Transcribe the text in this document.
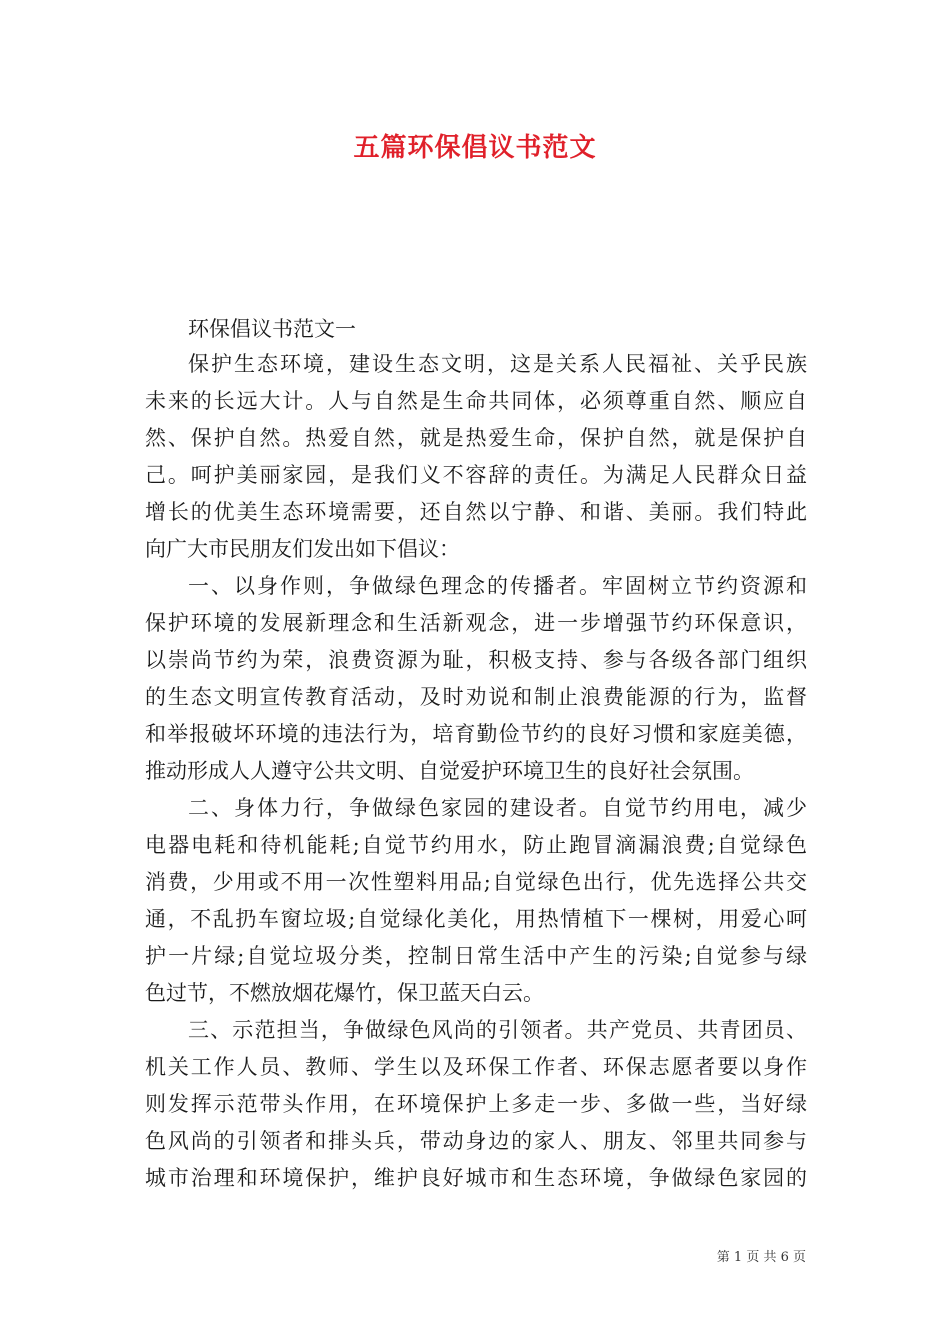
五篇环保倡议书范文
环保倡议书范文一
保护生态环境，建设生态文明，这是关系人民福祉、关乎民族
未来的长远大计。人与自然是生命共同体，必须尊重自然、顺应自
然、保护自然。热爱自然，就是热爱生命，保护自然，就是保护自
己。呵护美丽家园，是我们义不容辞的责任。为满足人民群众日益
增长的优美生态环境需要，还自然以宁静、和谐、美丽。我们特此
向广大市民朋友们发出如下倡议：
一、以身作则，争做绿色理念的传播者。牢固树立节约资源和
保护环境的发展新理念和生活新观念，进一步增强节约环保意识，
以崇尚节约为荣，浪费资源为耻，积极支持、参与各级各部门组织
的生态文明宣传教育活动，及时劝说和制止浪费能源的行为，监督
和举报破坏环境的违法行为，培育勤俭节约的良好习惯和家庭美德，
推动形成人人遵守公共文明、自觉爱护环境卫生的良好社会氛围。
二、身体力行，争做绿色家园的建设者。自觉节约用电，减少
电器电耗和待机能耗;自觉节约用水，防止跑冒滴漏浪费;自觉绿色
消费，少用或不用一次性塑料用品;自觉绿色出行，优先选择公共交
通，不乱扔车窗垃圾;自觉绿化美化，用热情植下一棵树，用爱心呵
护一片绿;自觉垃圾分类，控制日常生活中产生的污染;自觉参与绿
色过节，不燃放烟花爆竹，保卫蓝天白云。
三、示范担当，争做绿色风尚的引领者。共产党员、共青团员、
机关工作人员、教师、学生以及环保工作者、环保志愿者要以身作
则发挥示范带头作用，在环境保护上多走一步、多做一些，当好绿
色风尚的引领者和排头兵，带动身边的家人、朋友、邻里共同参与
城市治理和环境保护，维护良好城市和生态环境，争做绿色家园的
第 1 页 共 6 页
